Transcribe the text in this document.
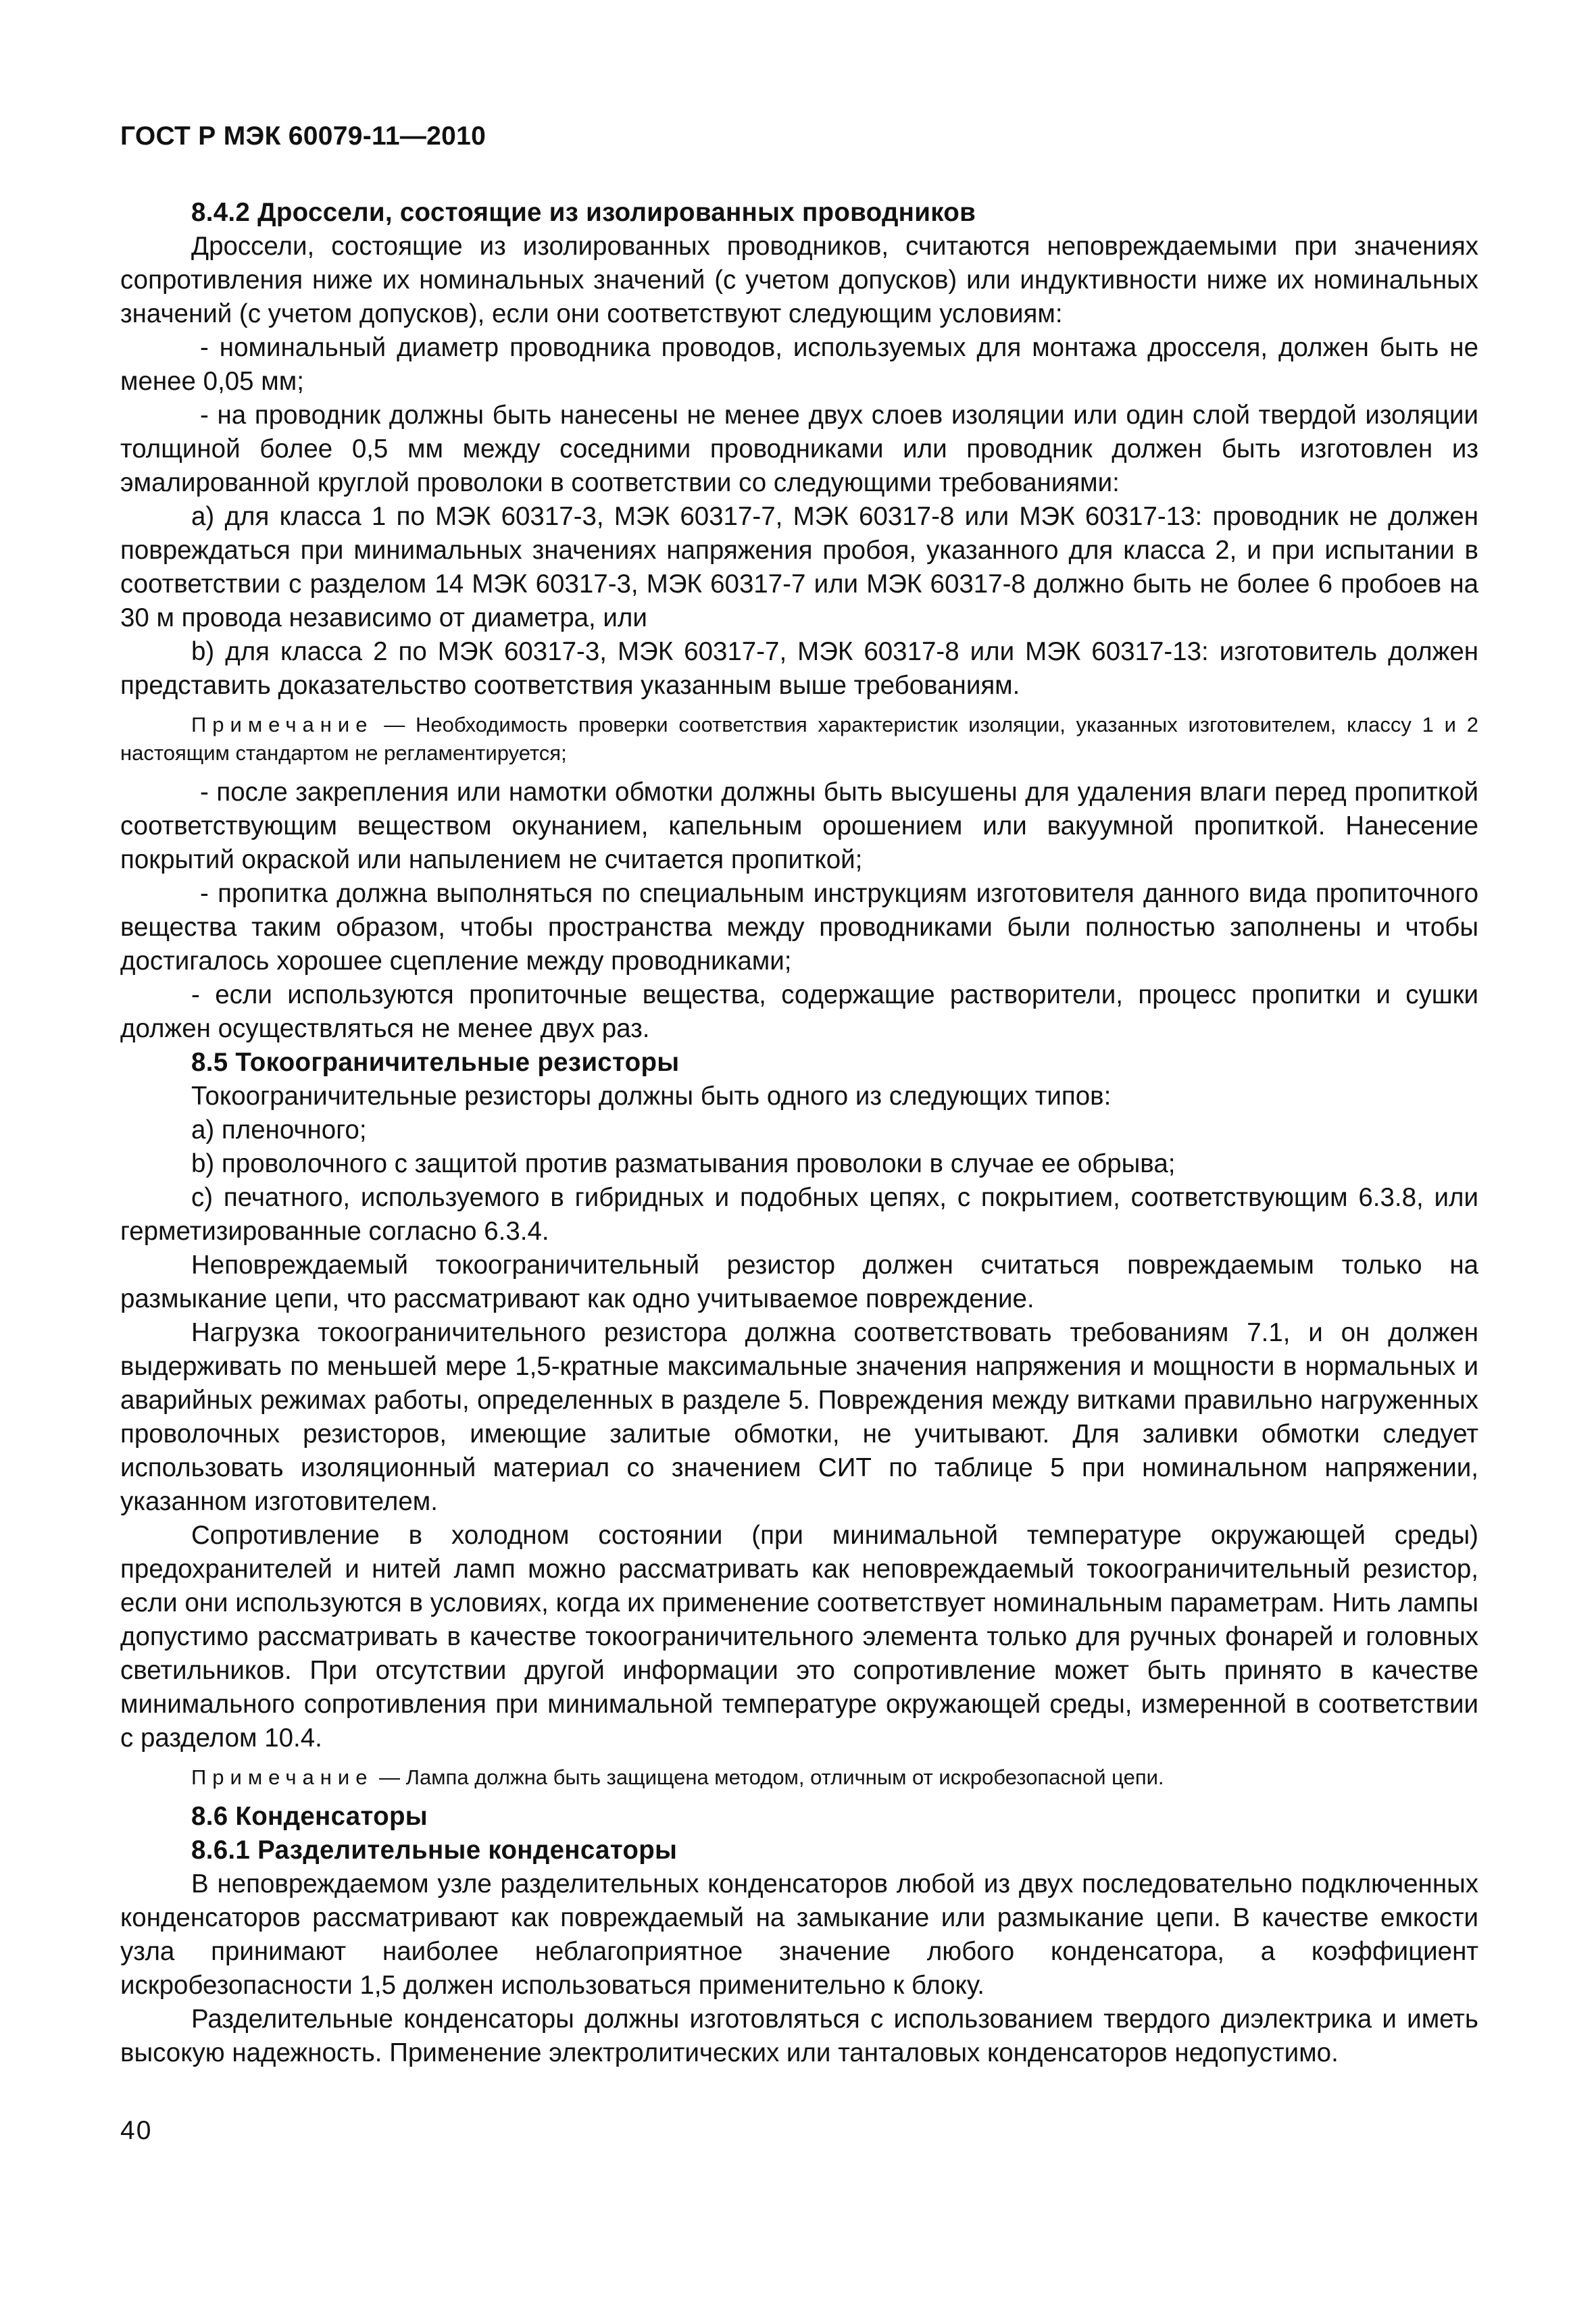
ГОСТ Р МЭК 60079-11—2010

8.4.2 Дроссели, состоящие из изолированных проводников

Дроссели, состоящие из изолированных проводников, считаются неповреждаемыми при значениях сопротивления ниже их номинальных значений (с учетом допусков) или индуктивности ниже их номинальных значений (с учетом допусков), если они соответствуют следующим условиям:

- номинальный диаметр проводника проводов, используемых для монтажа дросселя, должен быть не менее 0,05 мм;

- на проводник должны быть нанесены не менее двух слоев изоляции или один слой твердой изоляции толщиной более 0,5 мм между соседними проводниками или проводник должен быть изготовлен из эмалированной круглой проволоки в соответствии со следующими требованиями:

а) для класса 1 по МЭК 60317-3, МЭК 60317-7, МЭК 60317-8 или МЭК 60317-13: проводник не должен повреждаться при минимальных значениях напряжения пробоя, указанного для класса 2, и при испытании в соответствии с разделом 14 МЭК 60317-3, МЭК 60317-7 или МЭК 60317-8 должно быть не более 6 пробоев на 30 м провода независимо от диаметра, или

b) для класса 2 по МЭК 60317-3, МЭК 60317-7, МЭК 60317-8 или МЭК 60317-13: изготовитель должен представить доказательство соответствия указанным выше требованиям.

Примечание — Необходимость проверки соответствия характеристик изоляции, указанных изготовителем, классу 1 и 2 настоящим стандартом не регламентируется;

- после закрепления или намотки обмотки должны быть высушены для удаления влаги перед пропиткой соответствующим веществом окунанием, капельным орошением или вакуумной пропиткой. Нанесение покрытий окраской или напылением не считается пропиткой;

- пропитка должна выполняться по специальным инструкциям изготовителя данного вида пропиточного вещества таким образом, чтобы пространства между проводниками были полностью заполнены и чтобы достигалось хорошее сцепление между проводниками;

- если используются пропиточные вещества, содержащие растворители, процесс пропитки и сушки должен осуществляться не менее двух раз.

8.5 Токоограничительные резисторы

Токоограничительные резисторы должны быть одного из следующих типов:

а) пленочного;

b) проволочного с защитой против разматывания проволоки в случае ее обрыва;

с) печатного, используемого в гибридных и подобных цепях, с покрытием, соответствующим 6.3.8, или герметизированные согласно 6.3.4.

Неповреждаемый токоограничительный резистор должен считаться повреждаемым только на размыкание цепи, что рассматривают как одно учитываемое повреждение.

Нагрузка токоограничительного резистора должна соответствовать требованиям 7.1, и он должен выдерживать по меньшей мере 1,5-кратные максимальные значения напряжения и мощности в нормальных и аварийных режимах работы, определенных в разделе 5. Повреждения между витками правильно нагруженных проволочных резисторов, имеющие залитые обмотки, не учитывают. Для заливки обмотки следует использовать изоляционный материал со значением СИТ по таблице 5 при номинальном напряжении, указанном изготовителем.

Сопротивление в холодном состоянии (при минимальной температуре окружающей среды) предохранителей и нитей ламп можно рассматривать как неповреждаемый токоограничительный резистор, если они используются в условиях, когда их применение соответствует номинальным параметрам. Нить лампы допустимо рассматривать в качестве токоограничительного элемента только для ручных фонарей и головных светильников. При отсутствии другой информации это сопротивление может быть принято в качестве минимального сопротивления при минимальной температуре окружающей среды, измеренной в соответствии с разделом 10.4.

Примечание — Лампа должна быть защищена методом, отличным от искробезопасной цепи.

8.6 Конденсаторы

8.6.1 Разделительные конденсаторы

В неповреждаемом узле разделительных конденсаторов любой из двух последовательно подключенных конденсаторов рассматривают как повреждаемый на замыкание или размыкание цепи. В качестве емкости узла принимают наиболее неблагоприятное значение любого конденсатора, а коэффициент искробезопасности 1,5 должен использоваться применительно к блоку.

Разделительные конденсаторы должны изготовляться с использованием твердого диэлектрика и иметь высокую надежность. Применение электролитических или танталовых конденсаторов недопустимо.

40
